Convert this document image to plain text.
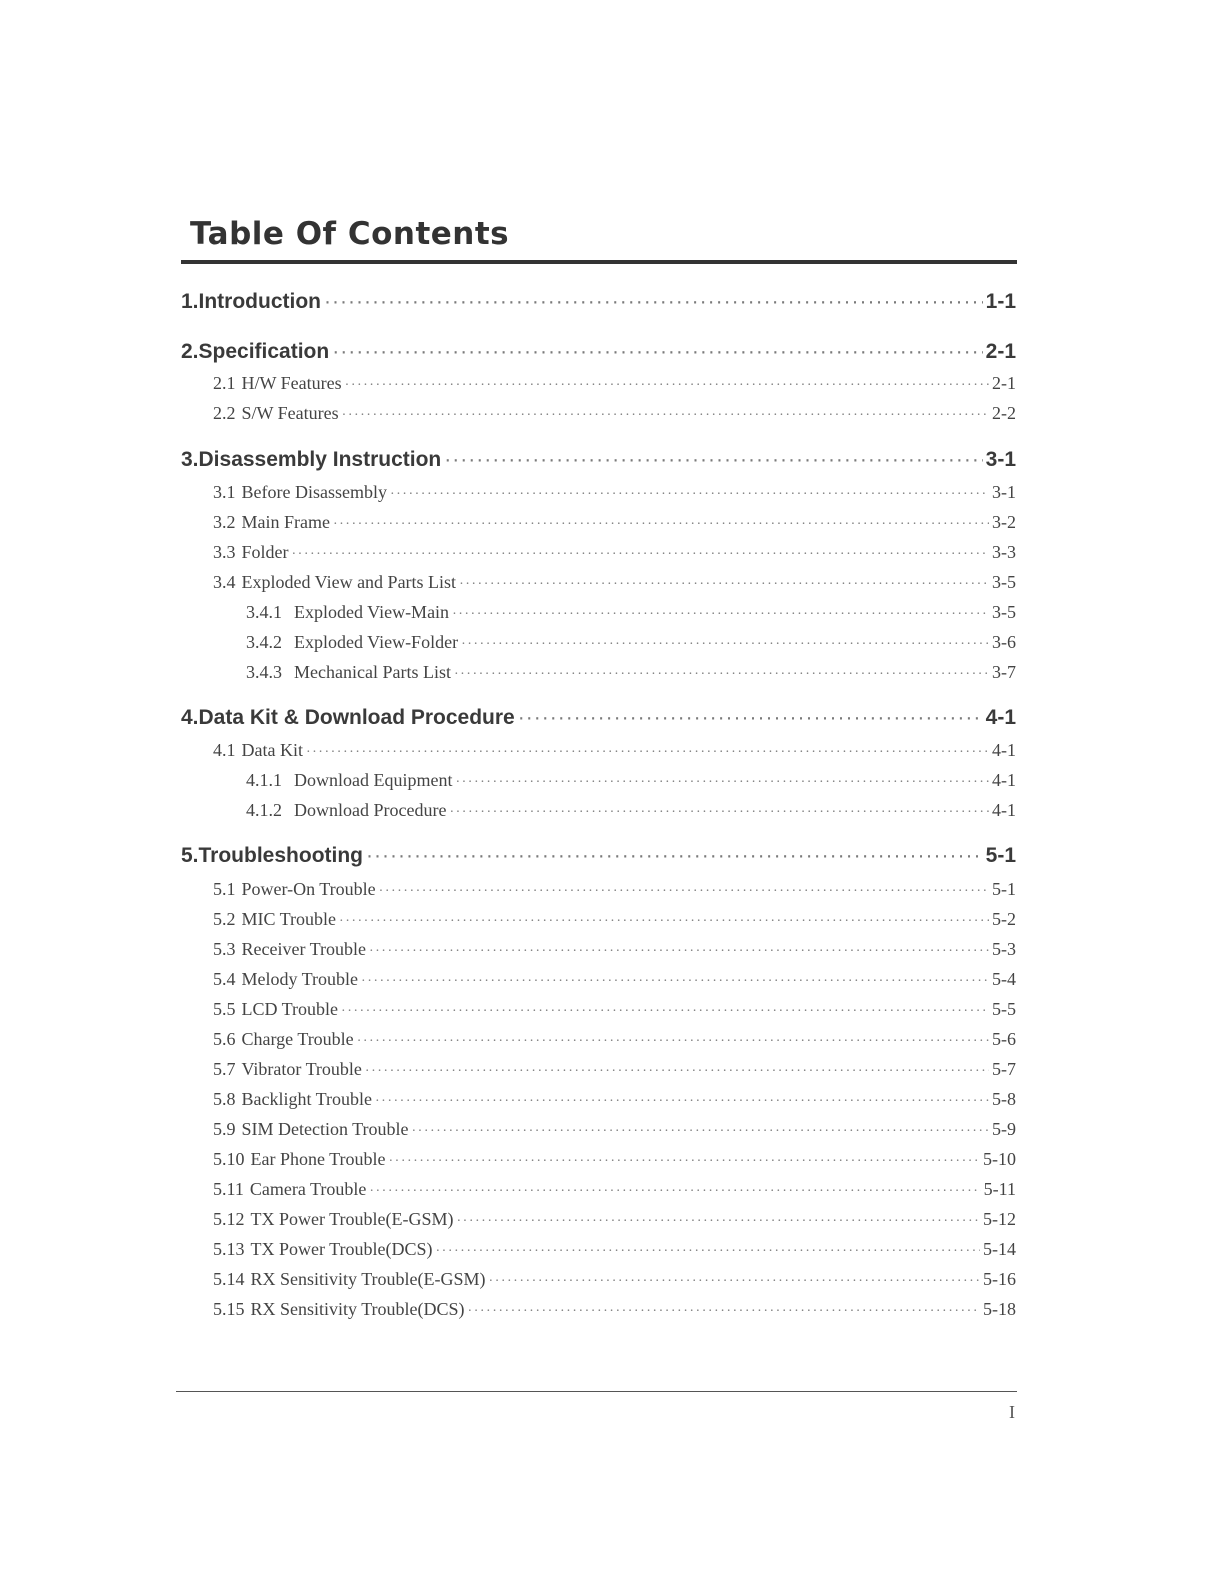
Table Of Contents
1. Introduction ·····	1-1
2. Specification ·····	2-1
2.1 H/W Features ·····	2-1
2.2 S/W Features ·····	2-2
3. Disassembly Instruction ·····	3-1
3.1 Before Disassembly ·····	3-1
3.2 Main Frame ·····	3-2
3.3 Folder ·····	3-3
3.4 Exploded View and Parts List ·····	3-5
3.4.1 Exploded View-Main ·····	3-5
3.4.2 Exploded View-Folder ·····	3-6
3.4.3 Mechanical Parts List ·····	3-7
4. Data Kit & Download Procedure ·····	4-1
4.1 Data Kit ·····	4-1
4.1.1 Download Equipment ·····	4-1
4.1.2 Download Procedure ·····	4-1
5. Troubleshooting ·····	5-1
5.1 Power-On Trouble ·····	5-1
5.2 MIC Trouble ·····	5-2
5.3 Receiver Trouble ·····	5-3
5.4 Melody Trouble ·····	5-4
5.5 LCD Trouble ·····	5-5
5.6 Charge Trouble ·····	5-6
5.7 Vibrator Trouble ·····	5-7
5.8 Backlight Trouble ·····	5-8
5.9 SIM Detection Trouble ·····	5-9
5.10 Ear Phone Trouble ·····	5-10
5.11 Camera Trouble ·····	5-11
5.12 TX Power Trouble(E-GSM) ·····	5-12
5.13 TX Power Trouble(DCS) ·····	5-14
5.14 RX Sensitivity Trouble(E-GSM) ·····	5-16
5.15 RX Sensitivity Trouble(DCS) ·····	5-18
I
